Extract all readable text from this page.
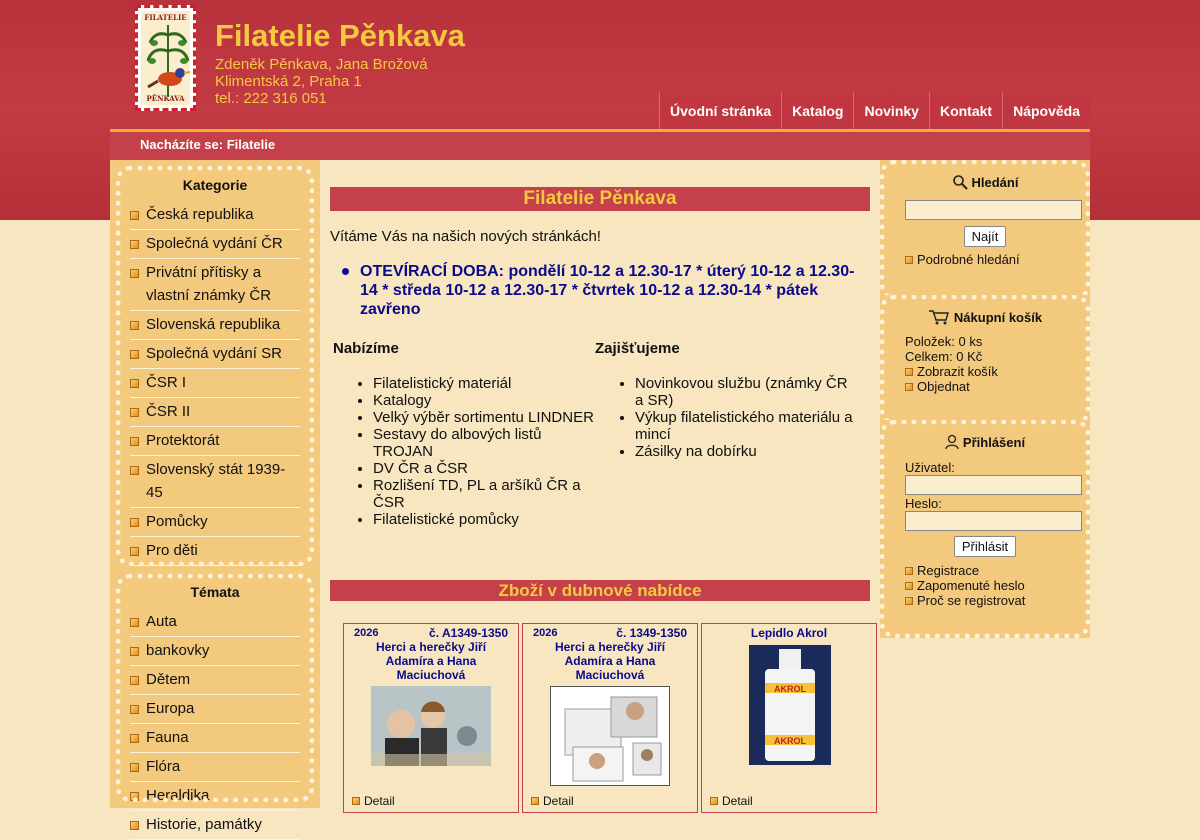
FILATELIE
PĚNKAVA
Filatelie Pěnkava
Zdeněk Pěnkava, Jana Brožová
Klimentská 2, Praha 1
tel.: 222 316 051
Úvodní stránka	Katalog	Novinky	Kontakt	Nápověda
Nacházíte se: Filatelie
Kategorie
Česká republika
Společná vydání ČR
Privátní přítisky a vlastní známky ČR
Slovenská republika
Společná vydání SR
ČSR I
ČSR II
Protektorát
Slovenský stát 1939-45
Pomůcky
Pro děti
Témata
Auta
bankovky
Dětem
Europa
Fauna
Flóra
Heraldika
Historie, památky
Filatelie Pěnkava
Vítáme Vás na našich nových stránkách!
OTEVÍRACÍ DOBA: pondělí 10-12 a 12.30-17 * úterý 10-12 a 12.30-14 * středa 10-12 a 12.30-17 * čtvrtek 10-12 a 12.30-14 * pátek zavřeno
Nabízíme
• Filatelistický materiál
• Katalogy
• Velký výběr sortimentu LINDNER
• Sestavy do albových listů TROJAN
• DV ČR a ČSR
• Rozlišení TD, PL a aršíků ČR a ČSR
• Filatelistické pomůcky
Zajišťujeme
• Novinkovou službu (známky ČR a SR)
• Výkup filatelistického materiálu a mincí
• Zásilky na dobírku
Zboží v dubnové nabídce
2026	č. A1349-1350
Herci a herečky Jiří Adamíra a Hana Maciuchová
Detail
2026	č. 1349-1350
Herci a herečky Jiří Adamíra a Hana Maciuchová
Detail
Lepidlo Akrol
AKROL
AKROL
Detail
Hledání
Najít
Podrobné hledání
Nákupní košík
Položek: 0 ks
Celkem: 0 Kč
Zobrazit košík
Objednat
Přihlášení
Uživatel:
Heslo:
Přihlásit
Registrace
Zapomenuté heslo
Proč se registrovat
